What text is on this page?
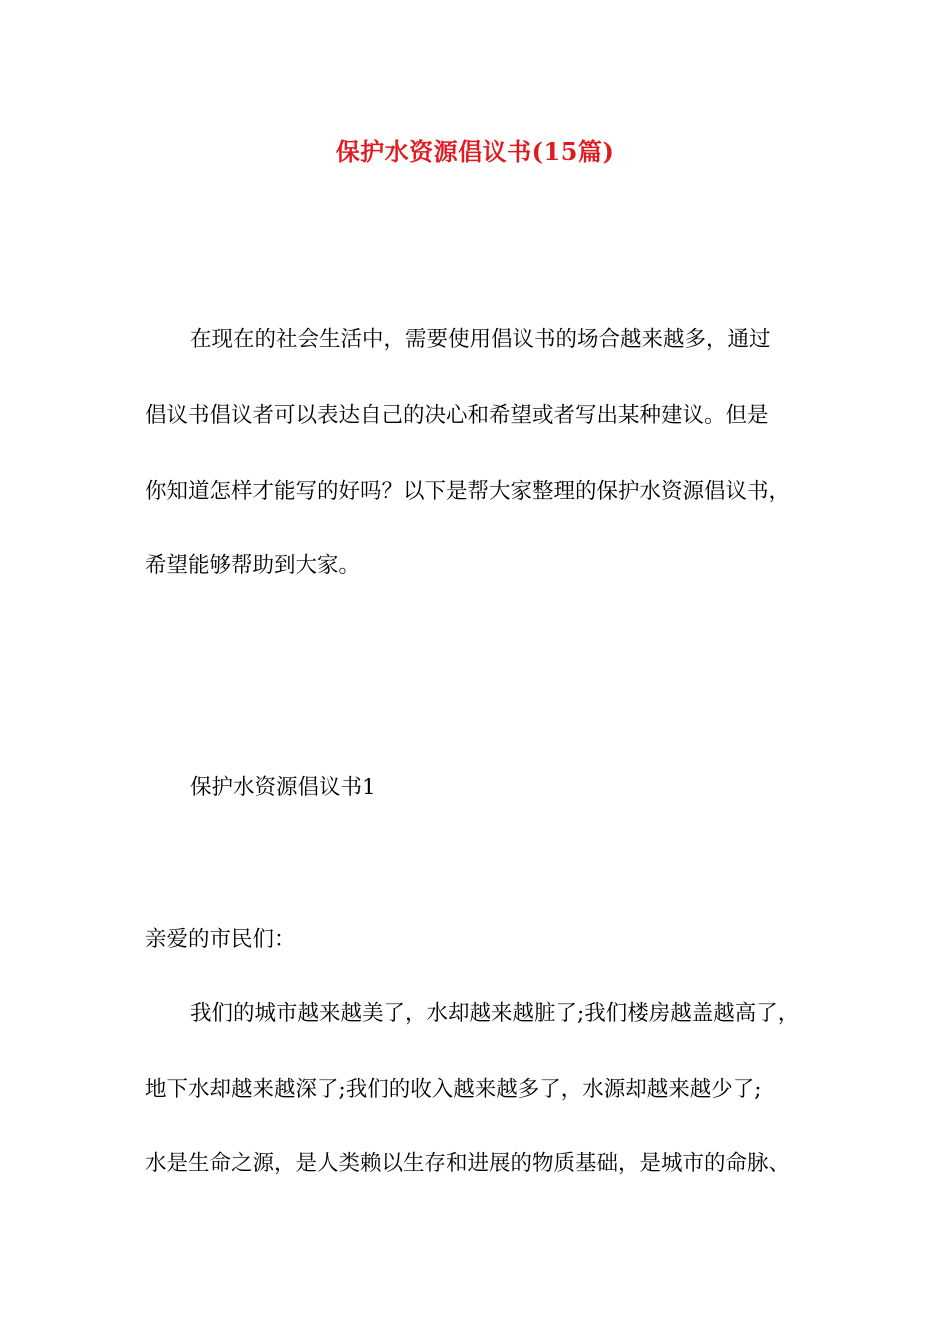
保护水资源倡议书(15篇)

在现在的社会生活中，需要使用倡议书的场合越来越多，通过

倡议书倡议者可以表达自己的决心和希望或者写出某种建议。但是

你知道怎样才能写的好吗？以下是帮大家整理的保护水资源倡议书，

希望能够帮助到大家。

保护水资源倡议书1

亲爱的市民们：

我们的城市越来越美了，水却越来越脏了;我们楼房越盖越高了，

地下水却越来越深了;我们的收入越来越多了，水源却越来越少了;

水是生命之源，是人类赖以生存和进展的物质基础，是城市的命脉、
